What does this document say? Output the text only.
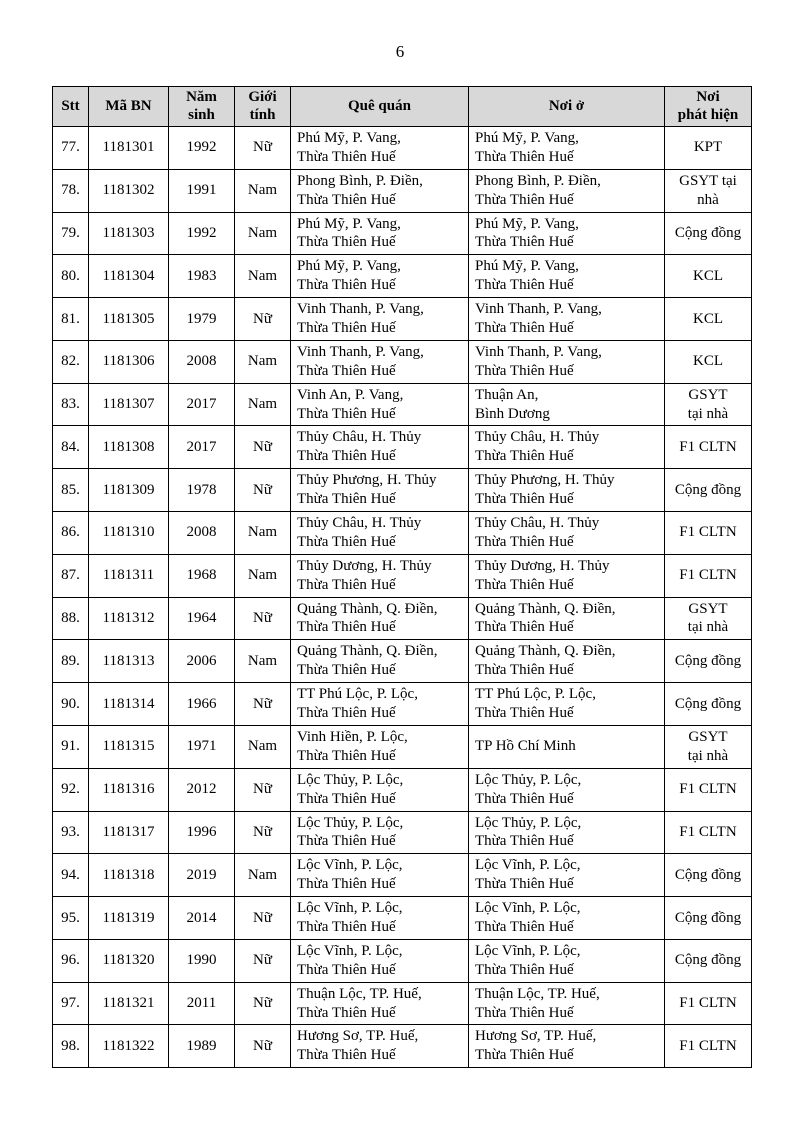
6
Stt	Mã BN	Năm
sinh	Giới
tính	Quê quán	Nơi ở	Nơi
phát hiện
77.	1181301	1992	Nữ	Phú Mỹ, P. Vang,
Thừa Thiên Huế	Phú Mỹ, P. Vang,
Thừa Thiên Huế	KPT
78.	1181302	1991	Nam	Phong Bình, P. Điền,
Thừa Thiên Huế	Phong Bình, P. Điền,
Thừa Thiên Huế	GSYT tại
nhà
79.	1181303	1992	Nam	Phú Mỹ, P. Vang,
Thừa Thiên Huế	Phú Mỹ, P. Vang,
Thừa Thiên Huế	Cộng đồng
80.	1181304	1983	Nam	Phú Mỹ, P. Vang,
Thừa Thiên Huế	Phú Mỹ, P. Vang,
Thừa Thiên Huế	KCL
81.	1181305	1979	Nữ	Vinh Thanh, P. Vang,
Thừa Thiên Huế	Vinh Thanh, P. Vang,
Thừa Thiên Huế	KCL
82.	1181306	2008	Nam	Vinh Thanh, P. Vang,
Thừa Thiên Huế	Vinh Thanh, P. Vang,
Thừa Thiên Huế	KCL
83.	1181307	2017	Nam	Vinh An, P. Vang,
Thừa Thiên Huế	Thuận An,
Bình Dương	GSYT
tại nhà
84.	1181308	2017	Nữ	Thủy Châu, H. Thủy
Thừa Thiên Huế	Thủy Châu, H. Thủy
Thừa Thiên Huế	F1 CLTN
85.	1181309	1978	Nữ	Thủy Phương, H. Thủy
Thừa Thiên Huế	Thủy Phương, H. Thủy
Thừa Thiên Huế	Cộng đồng
86.	1181310	2008	Nam	Thủy Châu, H. Thủy
Thừa Thiên Huế	Thủy Châu, H. Thủy
Thừa Thiên Huế	F1 CLTN
87.	1181311	1968	Nam	Thủy Dương, H. Thủy
Thừa Thiên Huế	Thủy Dương, H. Thủy
Thừa Thiên Huế	F1 CLTN
88.	1181312	1964	Nữ	Quảng Thành, Q. Điền,
Thừa Thiên Huế	Quảng Thành, Q. Điền,
Thừa Thiên Huế	GSYT
tại nhà
89.	1181313	2006	Nam	Quảng Thành, Q. Điền,
Thừa Thiên Huế	Quảng Thành, Q. Điền,
Thừa Thiên Huế	Cộng đồng
90.	1181314	1966	Nữ	TT Phú Lộc, P. Lộc,
Thừa Thiên Huế	TT Phú Lộc, P. Lộc,
Thừa Thiên Huế	Cộng đồng
91.	1181315	1971	Nam	Vinh Hiền, P. Lộc,
Thừa Thiên Huế	TP Hồ Chí Minh	GSYT
tại nhà
92.	1181316	2012	Nữ	Lộc Thủy, P. Lộc,
Thừa Thiên Huế	Lộc Thủy, P. Lộc,
Thừa Thiên Huế	F1 CLTN
93.	1181317	1996	Nữ	Lộc Thủy, P. Lộc,
Thừa Thiên Huế	Lộc Thủy, P. Lộc,
Thừa Thiên Huế	F1 CLTN
94.	1181318	2019	Nam	Lộc Vĩnh, P. Lộc,
Thừa Thiên Huế	Lộc Vĩnh, P. Lộc,
Thừa Thiên Huế	Cộng đồng
95.	1181319	2014	Nữ	Lộc Vĩnh, P. Lộc,
Thừa Thiên Huế	Lộc Vĩnh, P. Lộc,
Thừa Thiên Huế	Cộng đồng
96.	1181320	1990	Nữ	Lộc Vĩnh, P. Lộc,
Thừa Thiên Huế	Lộc Vĩnh, P. Lộc,
Thừa Thiên Huế	Cộng đồng
97.	1181321	2011	Nữ	Thuận Lộc, TP. Huế,
Thừa Thiên Huế	Thuận Lộc, TP. Huế,
Thừa Thiên Huế	F1 CLTN
98.	1181322	1989	Nữ	Hương Sơ, TP. Huế,
Thừa Thiên Huế	Hương Sơ, TP. Huế,
Thừa Thiên Huế	F1 CLTN
